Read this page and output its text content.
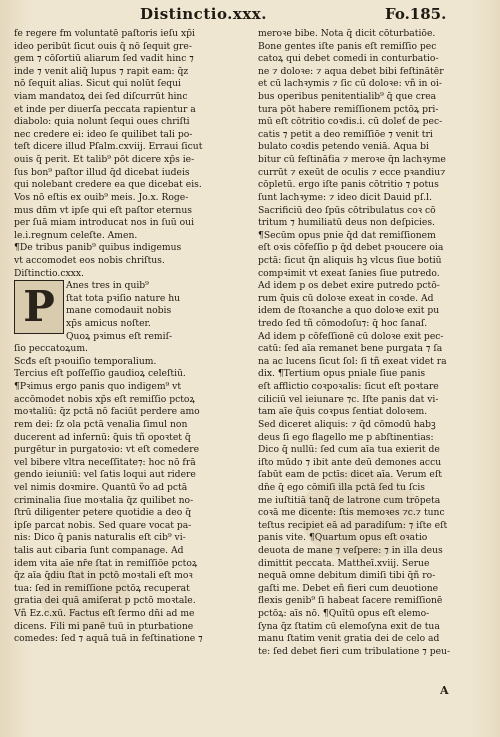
Distinctio.xxx.	Fo.185.
fe regere f̄m voluntatē paſtoris ieſu xp̄i
ideo peribūt ſicut ouis q̄ nō ſequit gre-
gem ⁊ cōſortiū aliarum ſed vadit hinc ⁊
inde ⁊ venit aliq̄ lupus ⁊ rapit eam: q̄z
nō ſequit alias. Sicut qui nolūt ſequi
viam mandatoꝝ dei ſed diſcurrūt hinc
et inde per diuerſa peccata rapientur a
diabolo: quia nolunt ſequi oues chriſti
nec credere ei: ideo ſe quilibet tali po-
teſt dicere illud Pſalm.cxviij. Erraui ſicut
ouis q̄ perit. Et talib⁹ pōt dicere xp̄s ie-
ſus bon⁹ paſtor illud q̄d dicebat iudeis
qui nolebant credere ea que dicebat eis.
Vos nō eſtis ex ouib⁹ meis. Jo.x. Roge-
mus dn̄m vt ipſe qui eſt paſtor eternus
per ſuā miam introducat nos in ſuū oui
le.i.regnum celeſte. Amen.
¶De tribus panib⁹ quibus indigemus
vt accomodet eos nobis chriſtus.
Diſtinctio.cxxx.
Anes tres in quib⁹
ſtat tota pꝛiſio nature hu
mane comodauit nobis
xp̄s amicus noſter.
Quoꝝ pꝛimus eſt remiſ-
P
ſio peccatoꝝum.
Scđs eſt pꝛouiſio temporalium.
Tercius eſt poſſeſſio gaudioꝝ celeſtiū.
¶Pꝛimus ergo panis quo indigem⁹ vt
accōmodet nobis xp̄s eſt remiſſio pctoꝝ
moꝛtaliū: q̄z pctā nō faciūt perdere amo
rem dei: ſz ola pctā venalia ſimul non
ducerent ad infernū: q̄uis tñ opoꝛtet q̄
purgētur in purgatoꝛio: vt eſt comedere
vel bibere vltra neceſſitate⁊: hoc nō frā
gendo ieiuniū: vel ſatis loqui aut ridere
vel nimis doꝛmire. Quantū ṽo ad pctā
criminalia ſiue moꝛtalia q̄z quilibet no-
ſtrū diligenter petere quotidie a deo q̄
ipſe parcat nobis. Sed quare vocat pa-
nis: Dico q̄ panis naturalis eſt cib⁹ vi-
talis aut cibaria ſunt companage. Ad
idem vita aīe nr̄e ſtat in remiſſiōe pctoꝝ
q̄z aīa q̄diu ſtat in pctō moꝛtali eſt moꝛ
tua: ſed in remiſſione pctōꝝ recuperat
gratia dei quā amiſerat p pctō moꝛtale.
Vñ Ez.c.xū. Factus eſt ſermo dn̄i ad me
dicens. Fili mi panē tuū in pturbatione
comedes: ſed ⁊ aquā tuā in feſtinatione ⁊
meroꝛe bibe. Nota q̄ dicit cōturbatiōe.
Bone gentes iſte panis eſt remiſſio pec
catoꝝ qui debet comedi in conturbatio-
ne ⁊ doloꝛe: ⁊ aqua debet bibi feſtinātēr
et cū lachꝛymis ⁊ ſic cū doloꝛe: vñ in oi-
bus operibus penitentialib⁹ q̄ que crea
tura pōt habere remiſſionem pctōꝝ pri-
mū eſt cōtritio coꝛdis.i. cū doleť de pec-
catis ⁊ petit a deo remiſſiōe ⁊ venit tri
bulato coꝛdis petendo veniā. Aqua bi
bitur cū feſtināťia ⁊ meroꝛe q̄n lachꝛyme
currūt ⁊ exeūt de oculis ⁊ ecce pꝛandiu⁊
cōpletū. ergo iſte panis cōtritio ⁊ potus
ſunt lachꝛyme: ⁊ ideo dicit Dauid pſ.l.
Sacrificiū deo ſpūs cōtribulatus coꝛ cō
tritum ⁊ humiliatū deus non deſpicies.
¶Secūm opus pnie q̄d dat remiſſionem
eſt oꝛis cōfeſſio p q̄d debet pꝛoucere oia
pctā: ſicut q̄n aliquis hꝫ vlcus ſiue botiū
compꝛimit vt exeat ſanies ſiue putredo.
Ad idem p os debet exire putredo pctō-
rum q̄uis cū doloꝛe exeat in coꝛde. Ad
idem de ſtoꝛanche a quo doloꝛe exit pu
tredo ſed tñ cōmodoſu⁊: q̄ hoc ſanaſ.
Ad idem p cōfeſſionē cū doloꝛe exit pec-
catū: ſed aīa remanet bene purgata ⁊ ſa
na ac lucens ſicut ſol: ſi tñ exeat videt ra
dix. ¶Tertium opus pniale ſiue panis
eſt afflictio coꝛpoꝛalis: ſicut eſt poꝛtare
ciliciū vel ieiunare ⁊c. Iſte panis dat vi-
tam aīe q̄uis coꝛpus ſentiat doloꝛem.
Sed diceret aliquis: ⁊ q̄d cōmodū habꝫ
deus ſi ego flagello me p abſtinentias:
Dico q̄ nullū: ſed cum aīa tua exierit de
iſto mūdo ⁊ ibit ante deū demones accu
ſabūt eam de pctīs: dicet aīa. Verum eſt
dn̄e q̄ ego cōmiſi illa pctā ſed tu ſcis
me iuſtitiā tanq̄ de latrone cum trōpeta
coꝛā me dicente: ſtis memoꝛes ⁊c.⁊ tunc
teſtus recipiet eā ad paradiſum: ⁊ iſte eſt
panis vite. ¶Quartum opus eſt oꝛatio
deuota de mane ⁊ veſpere: ⁊ in illa deus
dimittit peccata. Mattheī.xviij. Serue
nequā omne debitum dimiſi tibi q̄ñ ro-
gaſti me. Debet eñ fieri cum deuotione
flexis genib⁹ ſi habeat ſacere remiſſionē
pctōꝝ: aīs nō. ¶Quītū opus eſt elemo-
ſyna q̄z ſtatim cū elemoſyna exit de tua
manu ſtatim venit gratia dei de celo ad
te: ſed debet fieri cum tribulatione ⁊ peu-
A
